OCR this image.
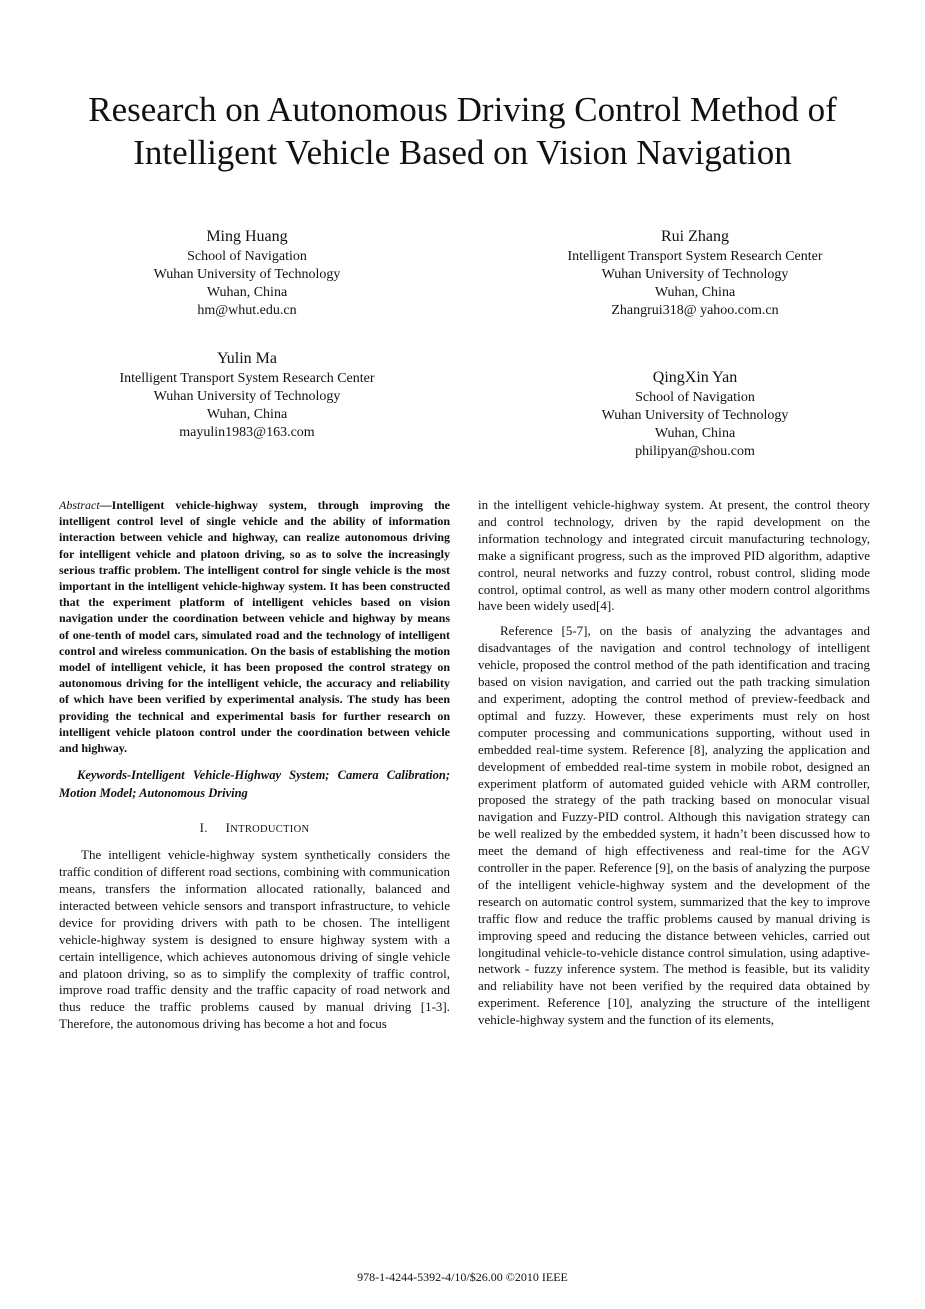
Research on Autonomous Driving Control Method of
Intelligent Vehicle Based on Vision Navigation
Ming Huang
School of Navigation
Wuhan University of Technology
Wuhan, China
hm@whut.edu.cn
Rui Zhang
Intelligent Transport System Research Center
Wuhan University of Technology
Wuhan, China
Zhangrui318@ yahoo.com.cn
Yulin Ma
Intelligent Transport System Research Center
Wuhan University of Technology
Wuhan, China
mayulin1983@163.com
QingXin Yan
School of Navigation
Wuhan University of Technology
Wuhan, China
philipyan@shou.com

Abstract—Intelligent vehicle-highway system, through improving the intelligent control level of single vehicle and the ability of information interaction between vehicle and highway, can realize autonomous driving for intelligent vehicle and platoon driving, so as to solve the increasingly serious traffic problem. The intelligent control for single vehicle is the most important in the intelligent vehicle-highway system. It has been constructed that the experiment platform of intelligent vehicles based on vision navigation under the coordination between vehicle and highway by means of one-tenth of model cars, simulated road and the technology of intelligent control and wireless communication. On the basis of establishing the motion model of intelligent vehicle, it has been proposed the control strategy on autonomous driving for the intelligent vehicle, the accuracy and reliability of which have been verified by experimental analysis. The study has been providing the technical and experimental basis for further research on intelligent vehicle platoon control under the coordination between vehicle and highway.

Keywords-Intelligent Vehicle-Highway System; Camera Calibration; Motion Model; Autonomous Driving

I. INTRODUCTION

The intelligent vehicle-highway system synthetically considers the traffic condition of different road sections, combining with communication means, transfers the information allocated rationally, balanced and interacted between vehicle sensors and transport infrastructure, to vehicle device for providing drivers with path to be chosen. The intelligent vehicle-highway system is designed to ensure highway system with a certain intelligence, which achieves autonomous driving of single vehicle and platoon driving, so as to simplify the complexity of traffic control, improve road traffic density and the traffic capacity of road network and thus reduce the traffic problems caused by manual driving [1-3]. Therefore, the autonomous driving has become a hot and focus

in the intelligent vehicle-highway system. At present, the control theory and control technology, driven by the rapid development on the information technology and integrated circuit manufacturing technology, make a significant progress, such as the improved PID algorithm, adaptive control, neural networks and fuzzy control, robust control, sliding mode control, optimal control, as well as many other modern control algorithms have been widely used[4].

Reference [5-7], on the basis of analyzing the advantages and disadvantages of the navigation and control technology of intelligent vehicle, proposed the control method of the path identification and tracing based on vision navigation, and carried out the path tracking simulation and experiment, adopting the control method of preview-feedback and optimal and fuzzy. However, these experiments must rely on host computer processing and communications supporting, without used in embedded real-time system. Reference [8], analyzing the application and development of embedded real-time system in mobile robot, designed an experiment platform of automated guided vehicle with ARM controller, proposed the strategy of the path tracking based on monocular visual navigation and Fuzzy-PID control. Although this navigation strategy can be well realized by the embedded system, it hadn’t been discussed how to meet the demand of high effectiveness and real-time for the AGV controller in the paper. Reference [9], on the basis of analyzing the purpose of the intelligent vehicle-highway system and the development of the research on automatic control system, summarized that the key to improve traffic flow and reduce the traffic problems caused by manual driving is improving speed and reducing the distance between vehicles, carried out longitudinal vehicle-to-vehicle distance control simulation, using adaptive-network - fuzzy inference system. The method is feasible, but its validity and reliability have not been verified by the required data obtained by experiment. Reference [10], analyzing the structure of the intelligent vehicle-highway system and the function of its elements,

978-1-4244-5392-4/10/$26.00 ©2010 IEEE
